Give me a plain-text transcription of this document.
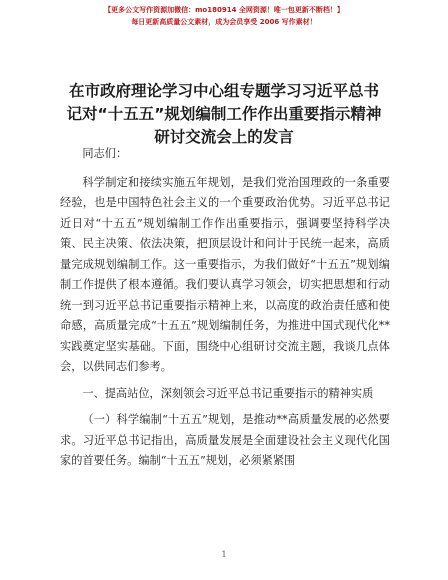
【更多公文写作资源加微信：mo180914 全网资源！唯一包更新不断档！】
每日更新高质量公文素材，成为会员享受 2006 写作素材！
在市政府理论学习中心组专题学习习近平总书记对“十五五”规划编制工作作出重要指示精神研讨交流会上的发言

同志们：

科学制定和接续实施五年规划，是我们党治国理政的一条重要经验，也是中国特色社会主义的一个重要政治优势。习近平总书记近日对“十五五”规划编制工作作出重要指示，强调要坚持科学决策、民主决策、依法决策，把顶层设计和问计于民统一起来，高质量完成规划编制工作。这一重要指示，为我们做好“十五五”规划编制工作提供了根本遵循。我们要认真学习领会，切实把思想和行动统一到习近平总书记重要指示精神上来，以高度的政治责任感和使命感，高质量完成“十五五”规划编制任务，为推进中国式现代化**实践奠定坚实基础。下面，围绕中心组研讨交流主题，我谈几点体会，以供同志们参考。

一、提高站位，深刻领会习近平总书记重要指示的精神实质

（一）科学编制“十五五”规划，是推动**高质量发展的必然要求。习近平总书记指出，高质量发展是全面建设社会主义现代化国家的首要任务。编制“十五五”规划，必须紧紧围

1
